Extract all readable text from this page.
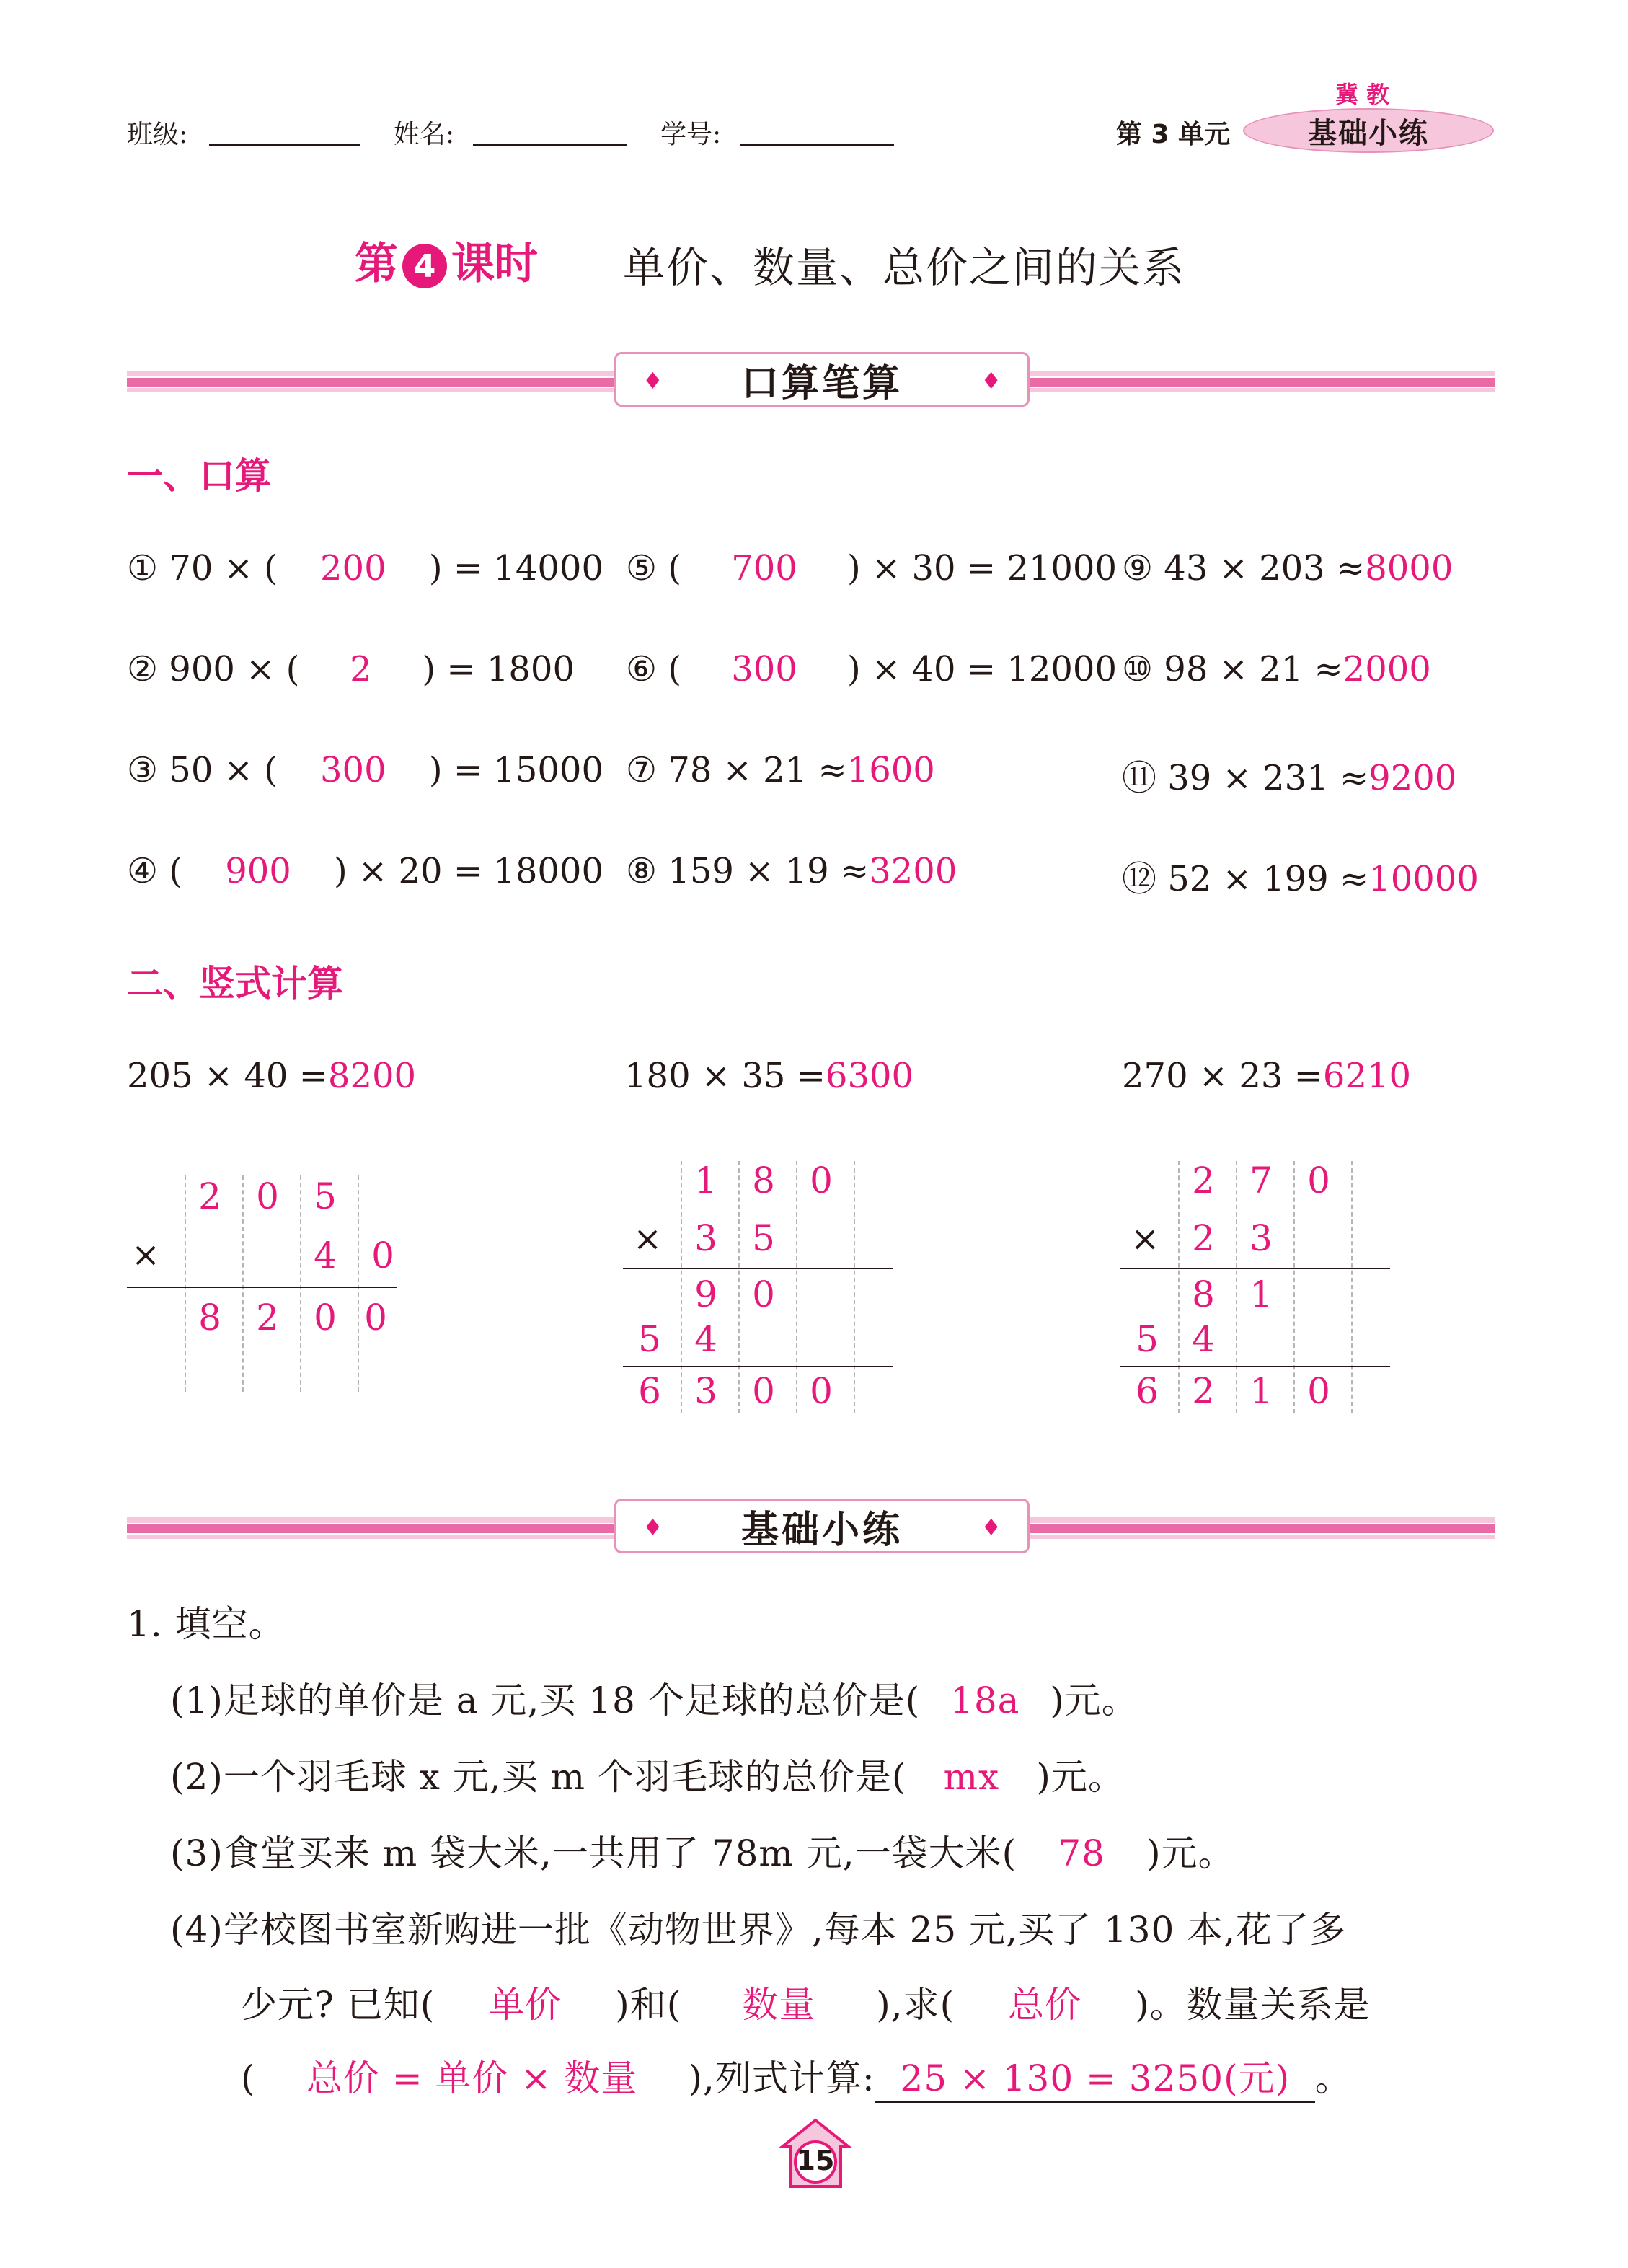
班级:	姓名:	学号:	第 3 单元
冀 教
基础小练
第 4 课时 单价、数量、总价之间的关系
♦ 口算笔算	♦
一、口算
① 70 × ( 200 ) = 14000
② 900 × ( 2 ) = 1800
③ 50 × ( 300 ) = 15000
④ ( 900 ) × 20 = 18000
⑤ ( 700 ) × 30 = 21000
⑥ ( 300 ) × 40 = 12000
⑦ 78 × 21 ≈1600
⑧ 159 × 19 ≈3200
⑨ 43 × 203 ≈8000
⑩ 98 × 21 ≈2000
⑪ 39 × 231 ≈9200
⑫ 52 × 199 ≈10000
二、竖式计算
205 × 40 =8200	180 × 35 =6300	270 × 23 =6210
2 0 5
×	4 0
8 2 0 0
1 8 0
× 3 5
9 0
5 4
6 3 0 0
2 7 0
× 2 3
8 1
5 4
6 2 1 0
♦ 基础小练	♦
1. 填空。
(1)足球的单价是 a 元,买 18 个足球的总价是( 18a )元。
(2)一个羽毛球 x 元,买 m 个羽毛球的总价是( mx )元。
(3)食堂买来 m 袋大米,一共用了 78m 元,一袋大米( 78 )元。
(4)学校图书室新购进一批《动物世界》,每本 25 元,买了 130 本,花了多
少元? 已知( 单价 )和( 数量 ),求( 总价 )。数量关系是
( 总价 = 单价 × 数量 ),列式计算: 25 × 130 = 3250(元) 。
15
